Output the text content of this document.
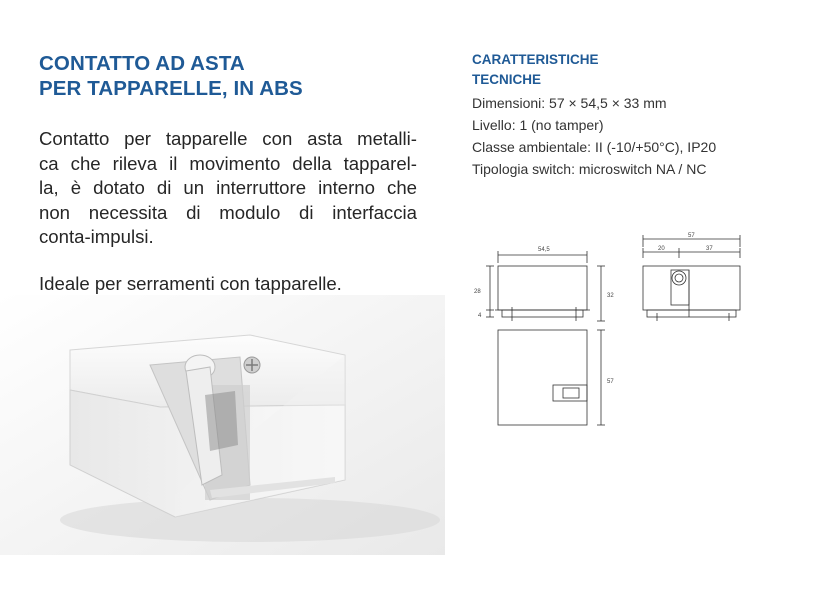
CONTATTO AD ASTA
PER TAPPARELLE, IN ABS
Contatto per tapparelle con asta metalli-
ca che rileva il movimento della tapparel-
la, è dotato di un interruttore interno che
non necessita di modulo di interfaccia
conta-impulsi.
Ideale per serramenti con tapparelle.
CARATTERISTICHE
TECNICHE
Dimensioni: 57 × 54,5 × 33 mm
Livello: 1 (no tamper)
Classe ambientale: II (-10/+50°C), IP20
Tipologia switch: microswitch NA / NC
54,5
28
4
32
57
20	37
57
